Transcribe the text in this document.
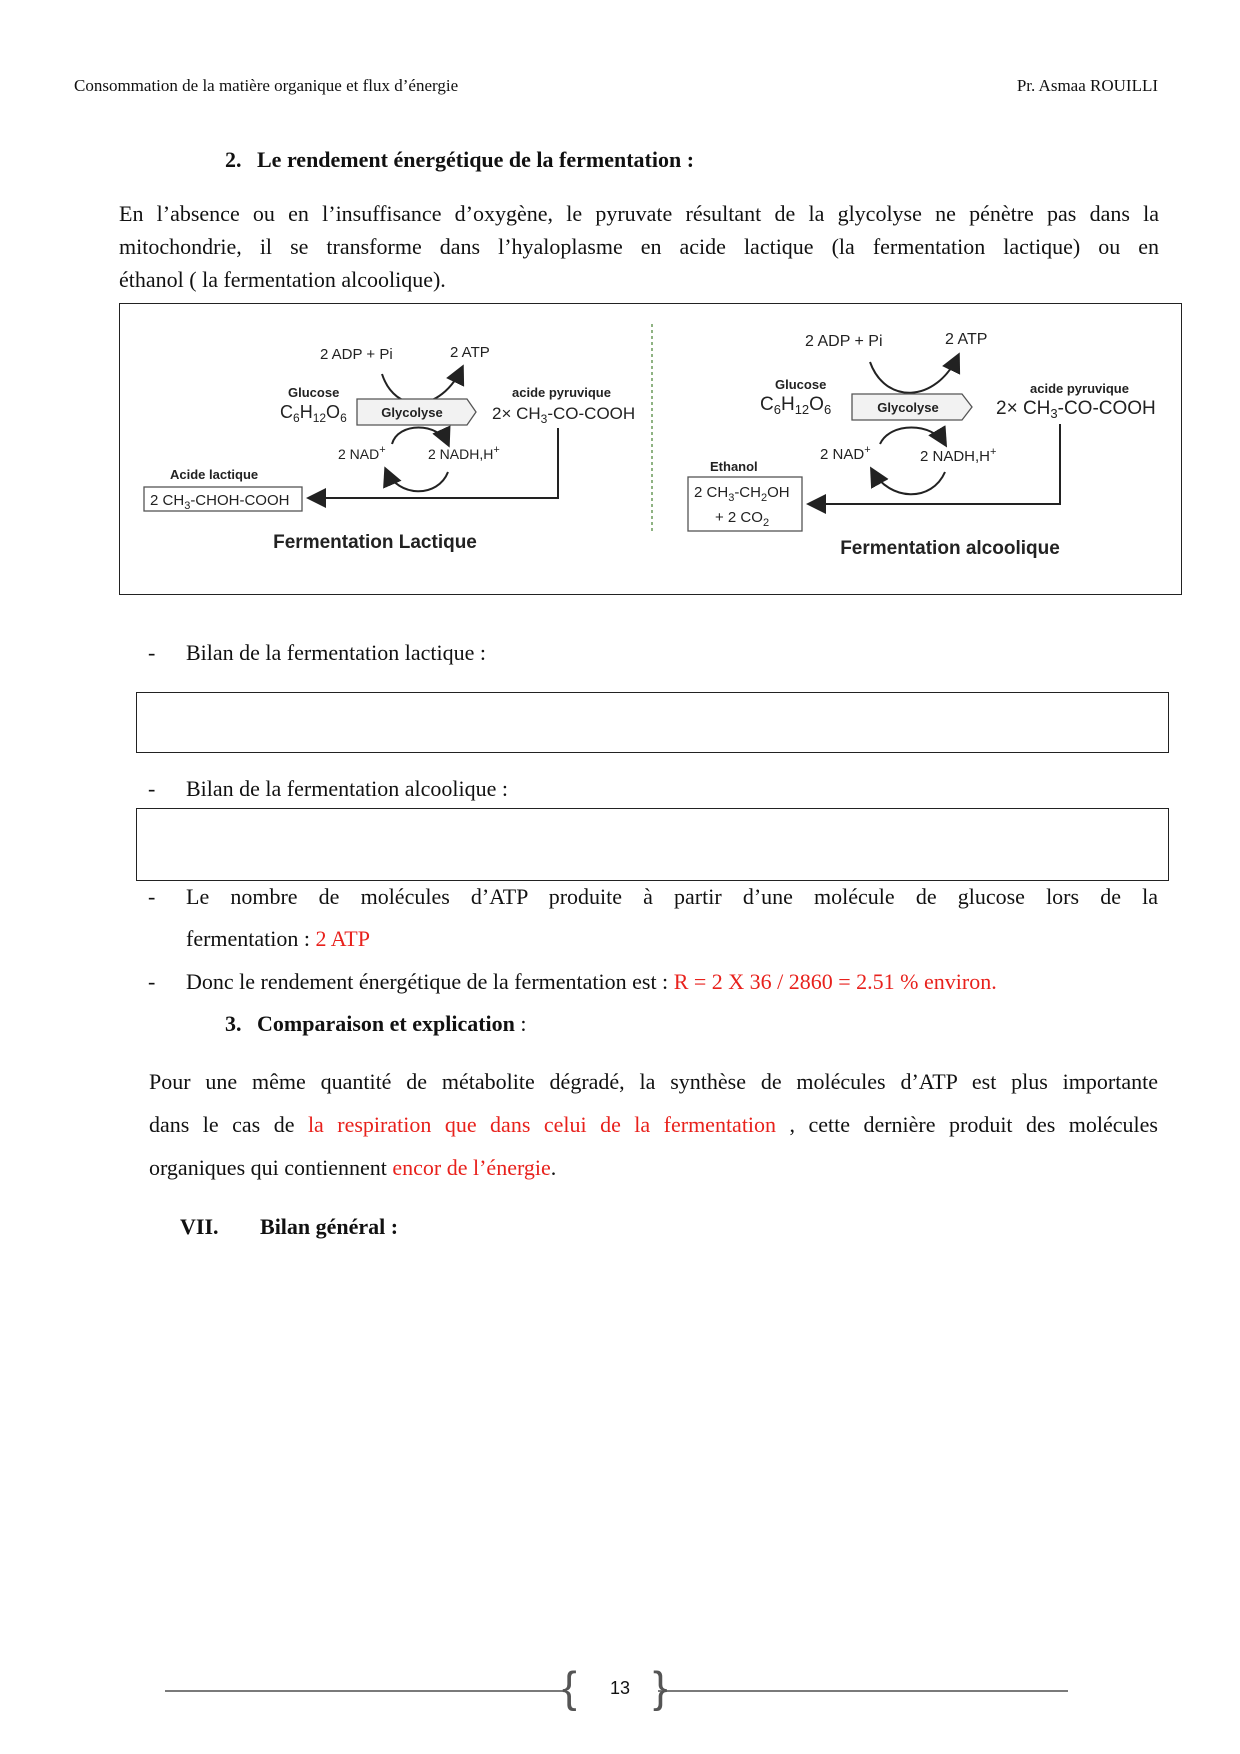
Consommation de la matière organique et flux d’énergie	Pr. Asmaa ROUILLI
2. Le rendement énergétique de la fermentation :
En l’absence ou en l’insuffisance d’oxygène, le pyruvate résultant de la glycolyse ne pénètre pas dans la
mitochondrie, il se transforme dans l’hyaloplasme en acide lactique (la fermentation lactique) ou en
éthanol ( la fermentation alcoolique).
2 ADP + Pi	2 ATP
Glucose
$C_6H_{12}O_6$	Glycolyse
acide pyruvique
$2\times CH_3-CO$-COOH
2 NAD+	2 NADH,H+
Acide lactique
2 $CH_3-CHOH$-COOH
Fermentation Lactique
2 ADP + Pi	2 ATP
Glucose
$C_6H_{12}O_6$	Glycolyse
acide pyruvique
$2\times CH_3-CO$-COOH
2 NAD+	2 NADH,H+
Ethanol
2 $CH_3-CH_2OH$
+ 2 $CO_2$
Fermentation alcoolique
- Bilan de la fermentation lactique :
- Bilan de la fermentation alcoolique :
- Le nombre de molécules d’ATP produite à partir d’une molécule de glucose lors de la
fermentation : 2 ATP
- Donc le rendement énergétique de la fermentation est : R = 2 X 36 / 2860 = 2.51 % environ.
3. Comparaison et explication :
Pour une même quantité de métabolite dégradé, la synthèse de molécules d’ATP est plus importante
dans le cas de la respiration que dans celui de la fermentation , cette dernière produit des molécules
organiques qui contiennent encor de l’énergie.
VII. Bilan général :
{ }
13
